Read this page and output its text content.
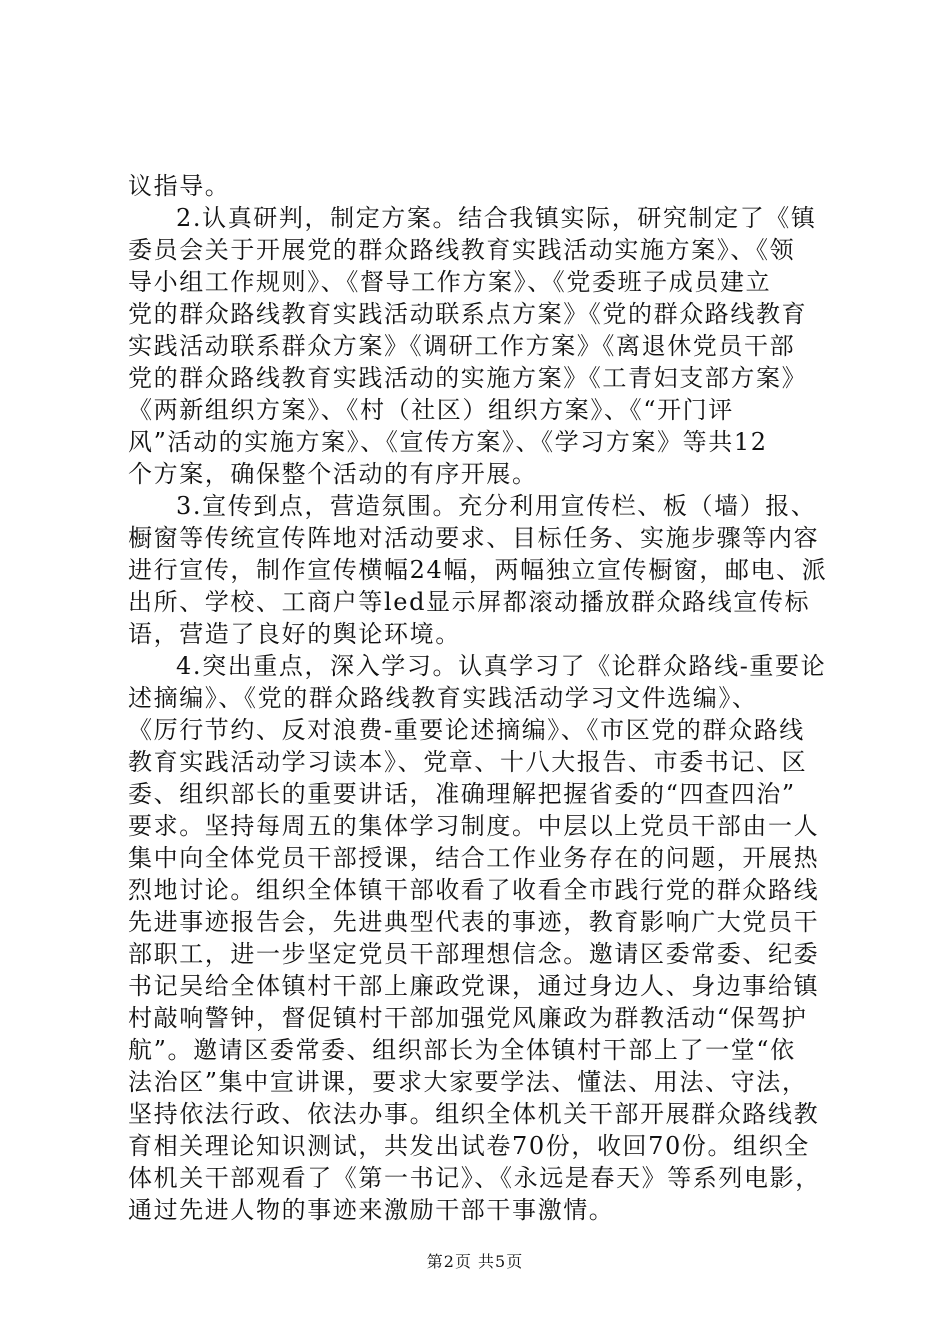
议指导。
2.认真研判，制定方案。结合我镇实际，研究制定了《镇
委员会关于开展党的群众路线教育实践活动实施方案》、《领
导小组工作规则》、《督导工作方案》、《党委班子成员建立
党的群众路线教育实践活动联系点方案》《党的群众路线教育
实践活动联系群众方案》《调研工作方案》《离退休党员干部
党的群众路线教育实践活动的实施方案》《工青妇支部方案》
《两新组织方案》、《村（社区）组织方案》、《“开门评
风”活动的实施方案》、《宣传方案》、《学习方案》等共12
个方案，确保整个活动的有序开展。
3.宣传到点，营造氛围。充分利用宣传栏、板（墙）报、
橱窗等传统宣传阵地对活动要求、目标任务、实施步骤等内容
进行宣传，制作宣传横幅24幅，两幅独立宣传橱窗，邮电、派
出所、学校、工商户等led显示屏都滚动播放群众路线宣传标
语，营造了良好的舆论环境。
4.突出重点，深入学习。认真学习了《论群众路线-重要论
述摘编》、《党的群众路线教育实践活动学习文件选编》、
《厉行节约、反对浪费-重要论述摘编》、《市区党的群众路线
教育实践活动学习读本》、党章、十八大报告、市委书记、区
委、组织部长的重要讲话，准确理解把握省委的“四查四治”
要求。坚持每周五的集体学习制度。中层以上党员干部由一人
集中向全体党员干部授课，结合工作业务存在的问题，开展热
烈地讨论。组织全体镇干部收看了收看全市践行党的群众路线
先进事迹报告会，先进典型代表的事迹，教育影响广大党员干
部职工，进一步坚定党员干部理想信念。邀请区委常委、纪委
书记吴给全体镇村干部上廉政党课，通过身边人、身边事给镇
村敲响警钟，督促镇村干部加强党风廉政为群教活动“保驾护
航”。邀请区委常委、组织部长为全体镇村干部上了一堂“依
法治区”集中宣讲课，要求大家要学法、懂法、用法、守法，
坚持依法行政、依法办事。组织全体机关干部开展群众路线教
育相关理论知识测试，共发出试卷70份，收回70份。组织全
体机关干部观看了《第一书记》、《永远是春天》等系列电影，
通过先进人物的事迹来激励干部干事激情。
第2页 共5页
